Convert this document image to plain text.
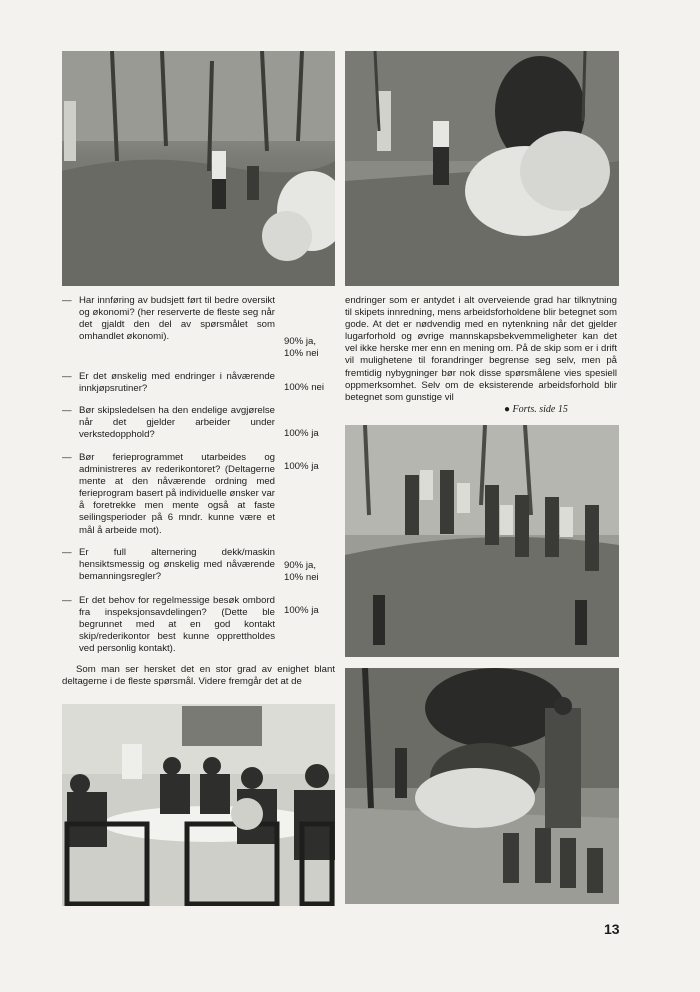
— Har innføring av budsjett ført til bedre oversikt og økonomi? (her reserverte de fleste seg når det gjaldt den del av spørsmålet som omhandlet økonomi).	90% ja, 10% nei
— Er det ønskelig med endringer i nåværende innkjøpsrutiner?	100% nei
— Bør skipsledelsen ha den endelige avgjørelse når det gjelder arbeider under verkstedopphold?	100% ja
— Bør ferieprogrammet utarbeides og administreres av rederikontoret? (Deltagerne mente at den nåværende ordning med ferieprogram basert på individuelle ønsker var å foretrekke men mente også at faste seilingsperioder på 6 mndr. kunne være et mål å arbeide mot).
100% ja
— Er full alternering dekk/maskin hensiktsmessig og ønskelig med nåværende bemanningsregler?
90% ja, 10% nei
— Er det behov for regelmessige besøk ombord fra inspeksjonsavdelingen? (Dette ble begrunnet med at en god kontakt skip/rederikontor best kunne opprettholdes ved personlig kontakt).
100% ja
Som man ser hersket det en stor grad av enighet blant deltagerne i de fleste spørsmål. Videre fremgår det at de
endringer som er antydet i alt overveiende grad har tilknytning til skipets innredning, mens arbeidsforholdene blir betegnet som gode. At det er nødvendig med en nytenkning når det gjelder lugarforhold og øvrige mannskapsbekvemmeligheter kan det vel ikke herske mer enn en mening om. På de skip som er i drift vil mulighetene til forandringer begrense seg selv, men på fremtidig nybygninger bør nok disse spørsmålene vies spesiell oppmerksomhet. Selv om de eksisterende arbeidsforhold blir betegnet som gunstige vil
● Forts. side 15
13
